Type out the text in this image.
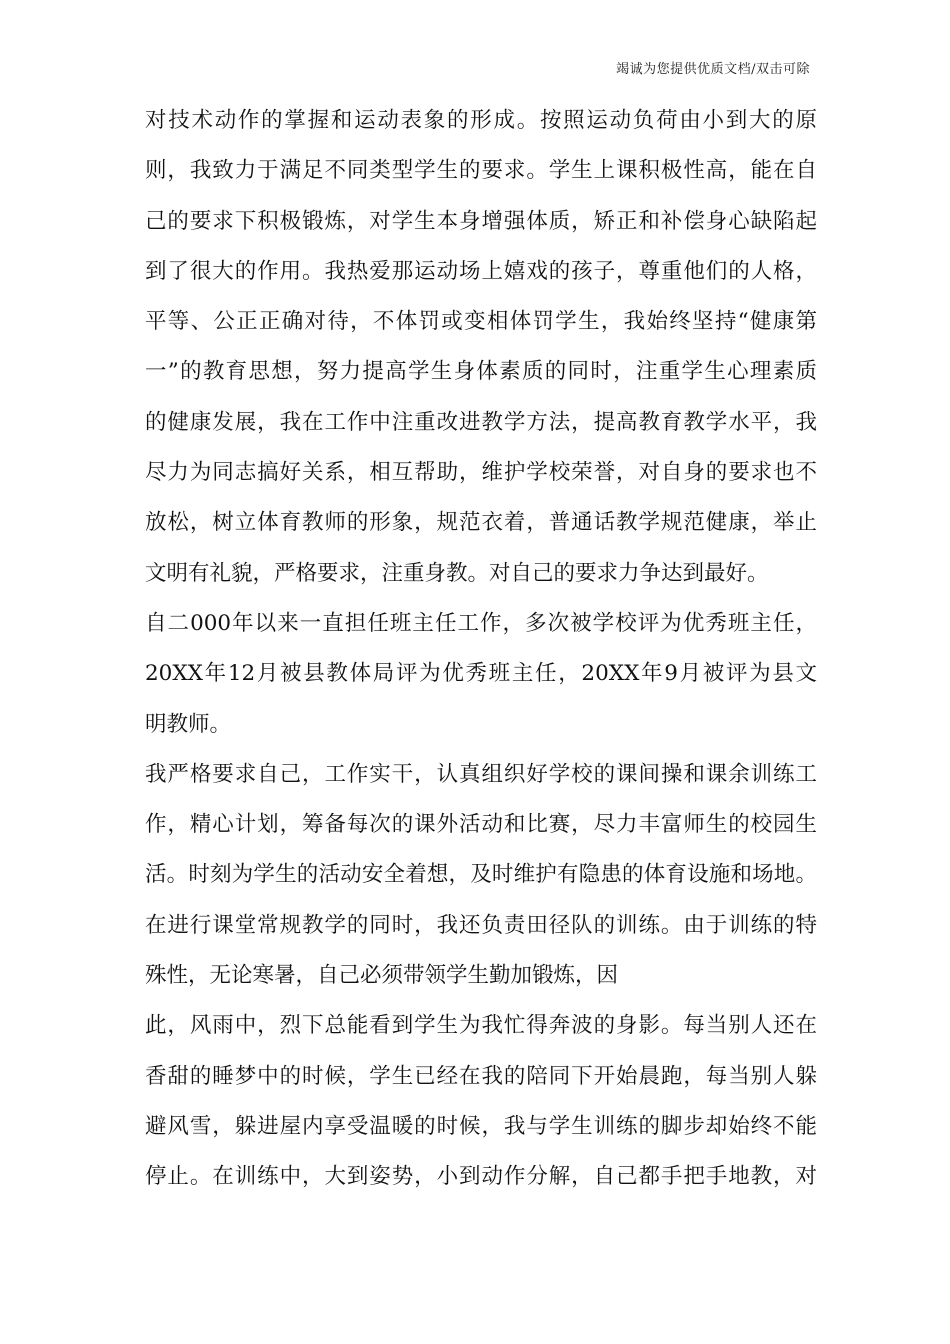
竭诚为您提供优质文档/双击可除
对技术动作的掌握和运动表象的形成。按照运动负荷由小到大的原
则，我致力于满足不同类型学生的要求。学生上课积极性高，能在自
己的要求下积极锻炼，对学生本身增强体质，矫正和补偿身心缺陷起
到了很大的作用。我热爱那运动场上嬉戏的孩子，尊重他们的人格，
平等、公正正确对待，不体罚或变相体罚学生，我始终坚持“健康第
一”的教育思想，努力提高学生身体素质的同时，注重学生心理素质
的健康发展，我在工作中注重改进教学方法，提高教育教学水平，我
尽力为同志搞好关系，相互帮助，维护学校荣誉，对自身的要求也不
放松，树立体育教师的形象，规范衣着，普通话教学规范健康，举止
文明有礼貌，严格要求，注重身教。对自己的要求力争达到最好。
自二000年以来一直担任班主任工作，多次被学校评为优秀班主任，
20XX年12月被县教体局评为优秀班主任，20XX年9月被评为县文
明教师。
我严格要求自己，工作实干，认真组织好学校的课间操和课余训练工
作，精心计划，筹备每次的课外活动和比赛，尽力丰富师生的校园生
活。时刻为学生的活动安全着想，及时维护有隐患的体育设施和场地。
在进行课堂常规教学的同时，我还负责田径队的训练。由于训练的特
殊性，无论寒暑，自己必须带领学生勤加锻炼，因
此，风雨中，烈下总能看到学生为我忙得奔波的身影。每当别人还在
香甜的睡梦中的时候，学生已经在我的陪同下开始晨跑，每当别人躲
避风雪，躲进屋内享受温暖的时候，我与学生训练的脚步却始终不能
停止。在训练中，大到姿势，小到动作分解，自己都手把手地教，对
